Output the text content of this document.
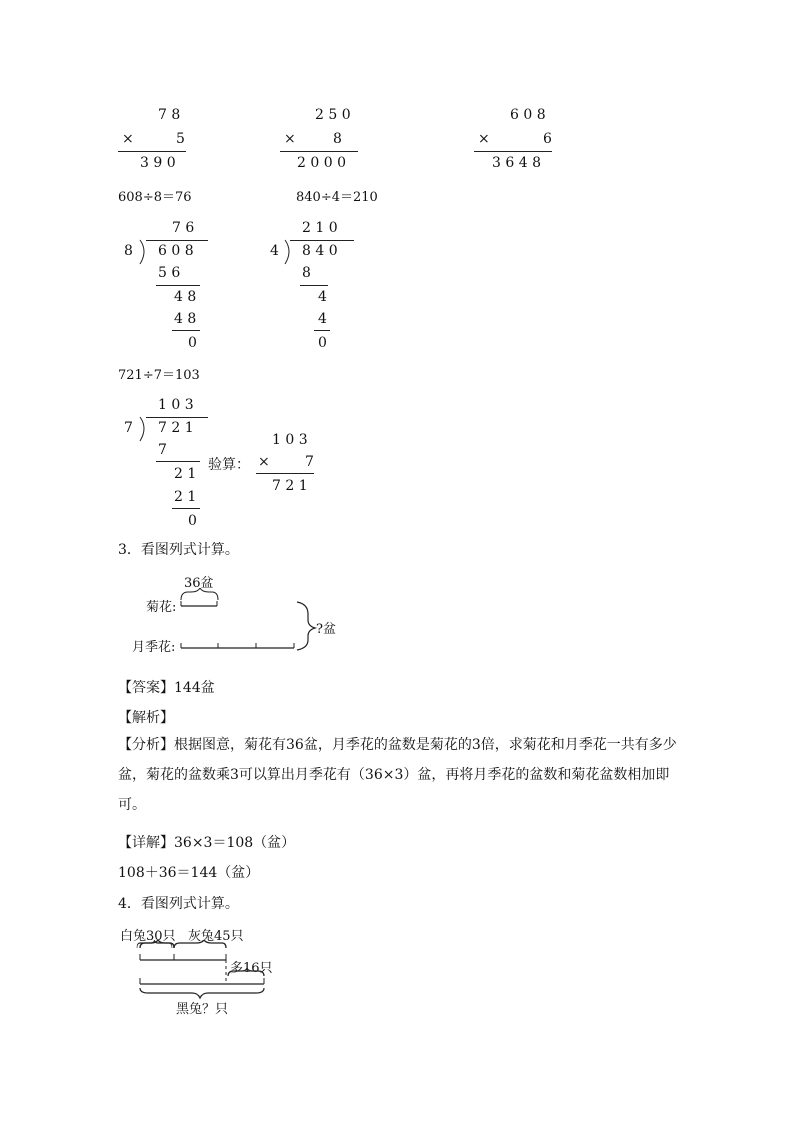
7 8
×	5
3 9 0
2 5 0
×	8
2 0 0 0
6 0 8
×	6
3 6 4 8
608÷8＝76	840÷4＝210
7 6
8 6 0 8
5 6
4 8
4 8
0
2 1 0
4 8 4 0
8
4
4
0
721÷7＝103
1 0 3
7 7 2 1
7
2 1
2 1
0
验算：
1 0 3
×	7
7 2 1
3．看图列式计算。
36盆
菊花:
月季花:
?盆
【答案】144盆
【解析】
【分析】根据图意，菊花有36盆，月季花的盆数是菊花的3倍，求菊花和月季花一共有多少盆，菊花的盆数乘3可以算出月季花有（36×3）盆，再将月季花的盆数和菊花盆数相加即可。
【详解】36×3＝108（盆）
108＋36＝144（盆）
4．看图列式计算。
白兔30只 灰兔45只
多16只
黑兔？只
